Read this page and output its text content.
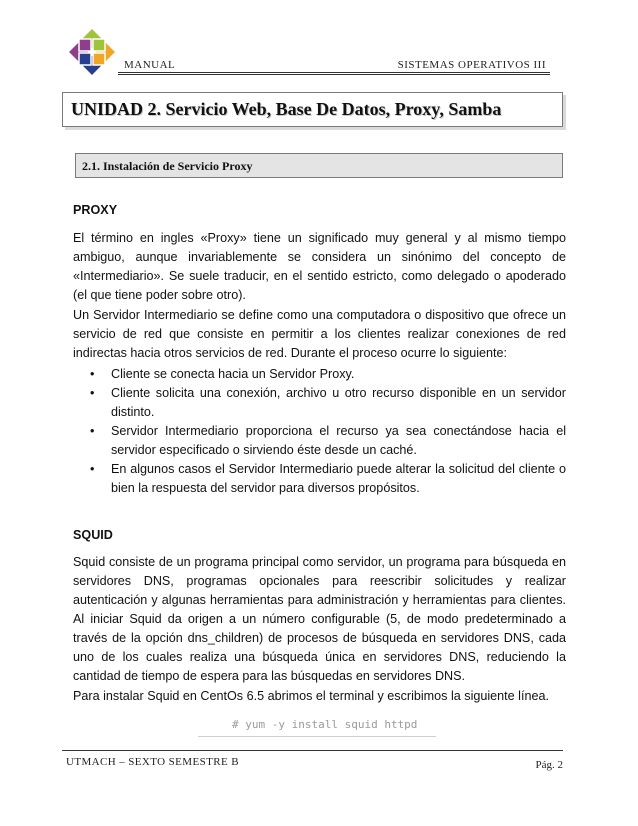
MANUAL	SISTEMAS OPERATIVOS III
UNIDAD 2. Servicio Web, Base De Datos, Proxy, Samba
2.1. Instalación de Servicio Proxy
PROXY

El término en ingles «Proxy» tiene un significado muy general y al mismo tiempo ambiguo, aunque invariablemente se considera un sinónimo del concepto de «Intermediario». Se suele traducir, en el sentido estricto, como delegado o apoderado (el que tiene poder sobre otro).

Un Servidor Intermediario se define como una computadora o dispositivo que ofrece un servicio de red que consiste en permitir a los clientes realizar conexiones de red indirectas hacia otros servicios de red. Durante el proceso ocurre lo siguiente:

• Cliente se conecta hacia un Servidor Proxy.
• Cliente solicita una conexión, archivo u otro recurso disponible en un servidor distinto.
• Servidor Intermediario proporciona el recurso ya sea conectándose hacia el servidor especificado o sirviendo éste desde un caché.
• En algunos casos el Servidor Intermediario puede alterar la solicitud del cliente o bien la respuesta del servidor para diversos propósitos.
SQUID

Squid consiste de un programa principal como servidor, un programa para búsqueda en servidores DNS, programas opcionales para reescribir solicitudes y realizar autenticación y algunas herramientas para administración y herramientas para clientes. Al iniciar Squid da origen a un número configurable (5, de modo predeterminado a través de la opción dns_children) de procesos de búsqueda en servidores DNS, cada uno de los cuales realiza una búsqueda única en servidores DNS, reduciendo la cantidad de tiempo de espera para las búsquedas en servidores DNS.

Para instalar Squid en CentOs 6.5 abrimos el terminal y escribimos la siguiente línea.

# yum -y install squid httpd
UTMACH – SEXTO SEMESTRE B	Pág. 2
